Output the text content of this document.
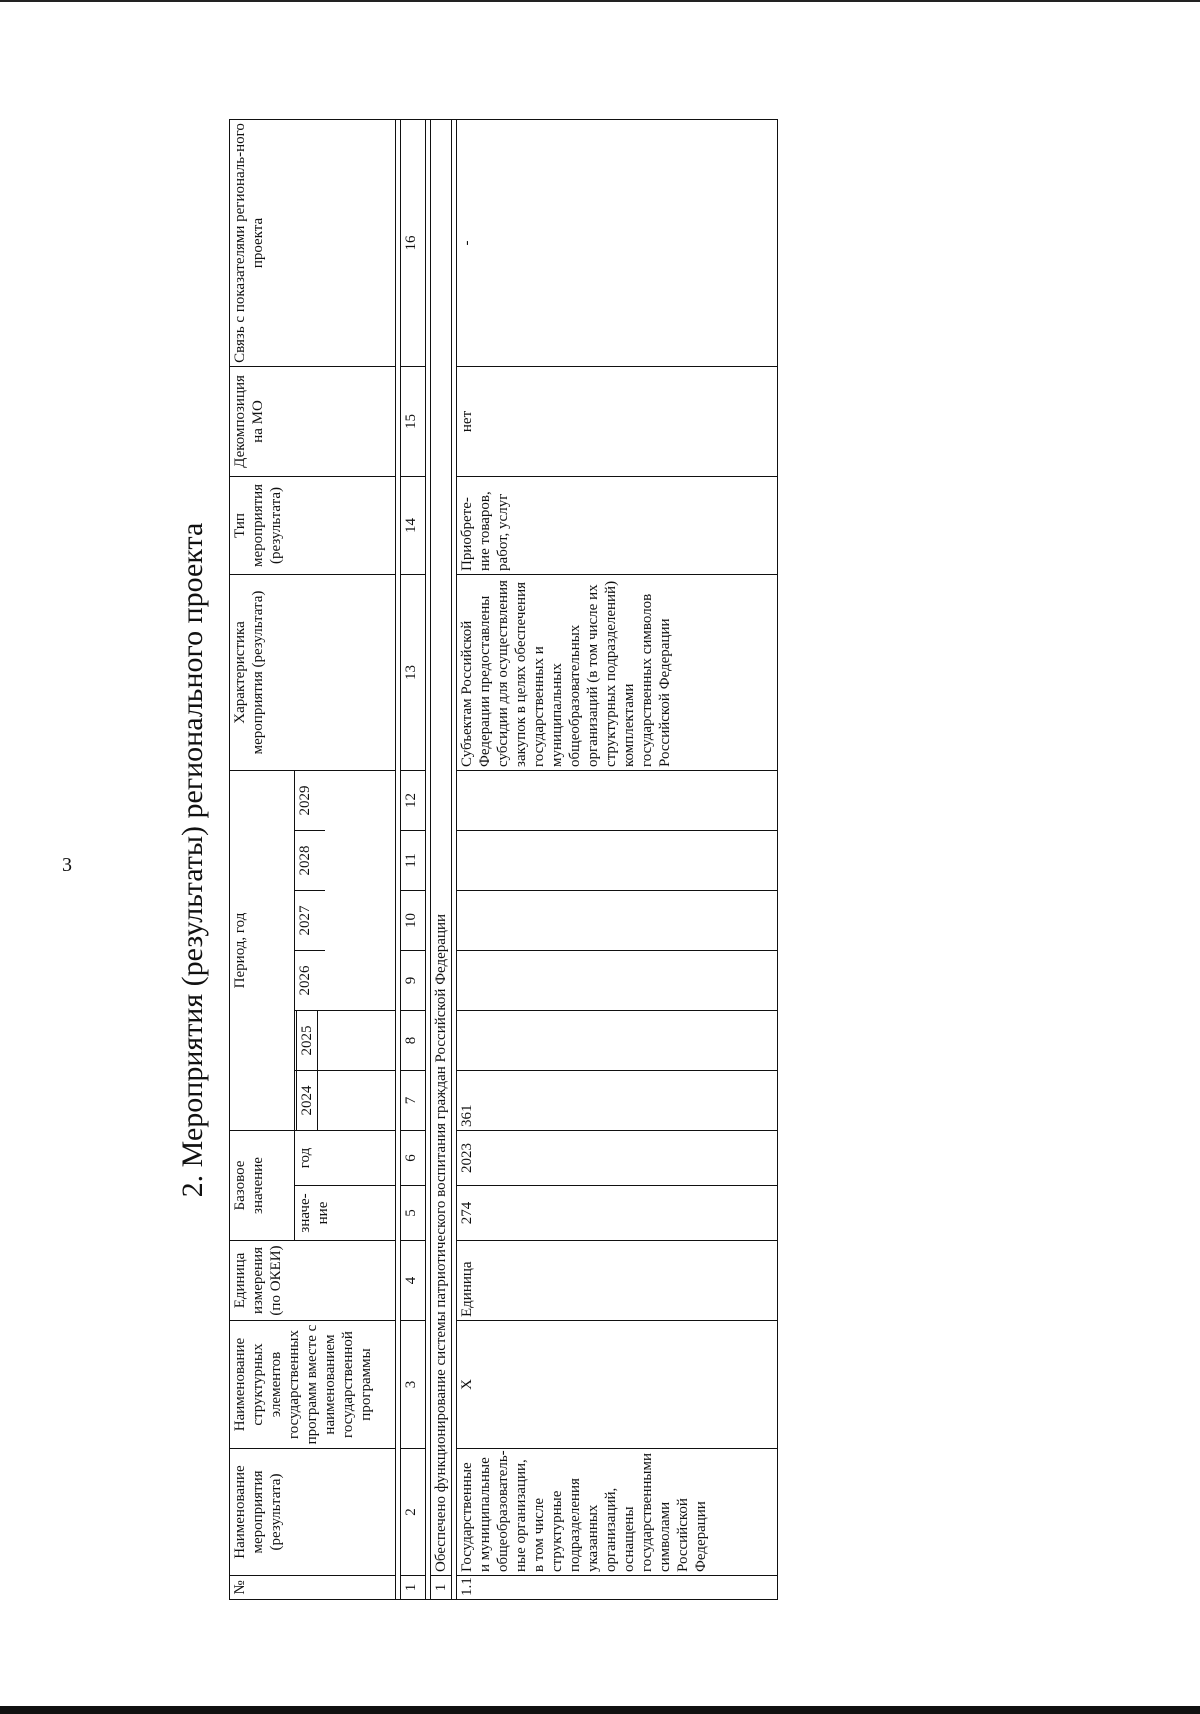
3	2. Мероприятия (результаты) регионального проекта
№	Наименование мероприятия (результата)	Наименование структурных элементов государственных программ вместе с наименованием государственной программы	Единица измерения (по ОКЕИ)	Базовое значение		Период, год						Характеристика мероприятия (результата)	Тип мероприятия (результата)	Декомпозиция на МО	Связь с показателями региональ-ного проекта
				значе-ние	год	2024	2025	2026	2027	2028	2029				

1	2	3	4	5	6	7	8	9	10	11	12	13	14	15	16

1	Обеспечено функционирование системы патриотического воспитания граждан Российской Федерации														

1.1	Государственные и муниципальные общеобразователь-ные организации, в том числе структурные подразделения указанных организаций, оснащены государственными символами Российской Федерации	Х	Единица	274	2023	361						Субъектам Российской Федерации предоставлены субсидии для осуществления закупок в целях обеспечения государственных и муниципальных общеобразовательных организаций (в том числе их структурных подразделений) комплектами государственных символов Российской Федерации	Приобрете-ние товаров, работ, услуг	нет	-
